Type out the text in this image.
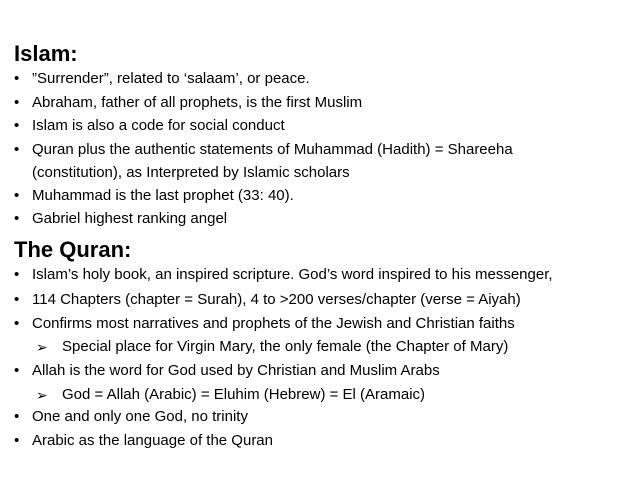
Islam:
• ”Surrender”, related to ‘salaam’, or peace.
• Abraham, father of all prophets, is the first Muslim
• Islam is also a code for social conduct
• Quran plus the authentic statements of Muhammad (Hadith) = Shareeha
(constitution), as Interpreted by Islamic scholars
• Muhammad is the last prophet (33: 40).
• Gabriel highest ranking angel
The Quran:
• Islam’s holy book, an inspired scripture. God’s word inspired to his messenger,
• 114 Chapters (chapter = Surah), 4 to >200 verses/chapter (verse = Aiyah)
• Confirms most narratives and prophets of the Jewish and Christian faiths
➢ Special place for Virgin Mary, the only female (the Chapter of Mary)
• Allah is the word for God used by Christian and Muslim Arabs
➢ God = Allah (Arabic) = Eluhim (Hebrew) = El (Aramaic)
• One and only one God, no trinity
• Arabic as the language of the Quran
